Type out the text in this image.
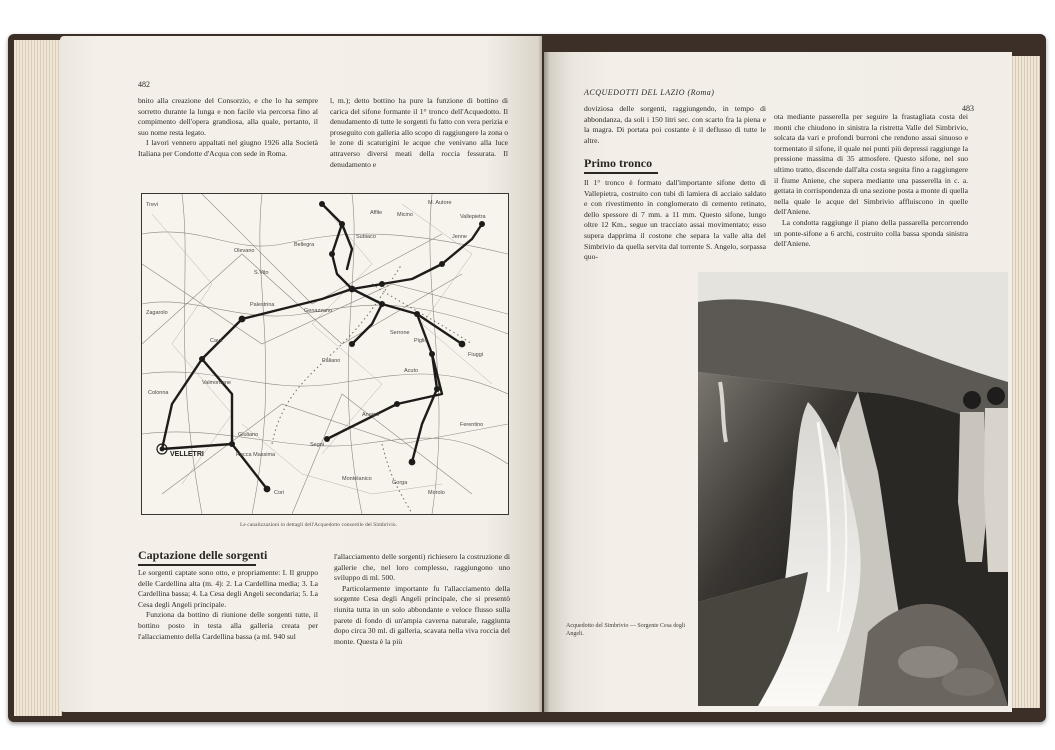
482

bnito alla creazione del Consorzio, e che lo ha sempre sorretto durante la lunga e non facile via percorsa fino al compimento dell'opera grandiosa, alla quale, pertanto, il suo nome resta legato.

I lavori vennero appaltati nel giugno 1926 alla Società Italiana per Condotte d'Acqua con sede in Roma.

l, m.); detto bottino ha pure la funzione di bottino di carica del sifone formante il 1° tronco dell'Acquedotto. Il denudamento di tutte le sorgenti fu fatto con vera perizia e proseguito con galleria allo scopo di raggiungere la zona o le zone di scaturigini le acque che venivano alla luce attraverso diversi meati della roccia fessurata. Il denudamento e

Trevi
Subiaco
Affile	Micino
Jenne
Vallepietra
S.Vito
Olevano
Bellegra
Genazzano
Palestrina
Cave
Valmontone
Anagni
Fiuggi
Paliano
Serrone
Piglio
Acuto
Segni
Ferentino
Rocca Massima
Cori
VELLETRI
Giuliano
Gorga
Montelanico
Morolo
Zagarolo
Colonna
M. Autore
Le canalizzazioni in dettagli dell'Acquedotto consortile del Simbrivio.
Captazione delle sorgenti

Le sorgenti captate sono otto, e propriamente: I. Il gruppo delle Cardellina alta (m. 4): 2. La Cardellina media; 3. La Cardellina bassa; 4. La Cesa degli Angeli secondaria; 5. La Cesa degli Angeli principale.

Funziona da bottino di riunione delle sorgenti tutte, il bottino posto in testa alla galleria creata per l'allacciamento della Cardellina bassa (a ml. 940 sul

l'allacciamento delle sorgenti) richiesero la costruzione di gallerie che, nel loro complesso, raggiungono uno sviluppo di ml. 500.

Particolarmente importante fu l'allacciamento della sorgente Cesa degli Angeli principale, che si presentò riunita tutta in un solo abbondante e veloce flusso sulla parete di fondo di un'ampia caverna naturale, raggiunta dopo circa 30 ml. di galleria, scavata nella viva roccia del monte. Questa è la più

ACQUEDOTTI DEL LAZIO (Roma)
483

doviziosa delle sorgenti, raggiungendo, in tempo di abbondanza, da soli i 150 litri sec. con scarto fra la piena e la magra. Di portata poi costante è il deflusso di tutte le altre.

Primo tronco

Il 1° tronco è formato dall'importante sifone detto di Vallepietra, costruito con tubi di lamiera di acciaio saldato e con rivestimento in conglomerato di cemento retinato, dello spessore di 7 mm. a 11 mm. Questo sifone, lungo oltre 12 Km., segue un tracciato assai movimentato; esso supera dapprima il costone che separa la valle alta del Simbrivio da quella servita dal torrente S. Angelo, sorpassa quo-

ota mediante passerella per seguire la frastagliata costa dei monti che chiudono in sinistra la ristretta Valle del Simbrivio, solcata da vari e profondi burroni che rendono assai sinuoso e tormentato il sifone, il quale nei punti più depressi raggiunge la pressione massima di 35 atmosfere. Questo sifone, nel suo ultimo tratto, discende dall'alta costa seguita fino a raggiungere il fiume Aniene, che supera mediante una passerella in c. a. gettata in corrispondenza di una sezione posta a monte di quella nella quale le acque del Simbrivio affluiscono in quelle dell'Aniene.

La condotta raggiunge il piano della passarella percorrendo un ponte-sifone a 6 archi, costruito colla bassa sponda sinistra dell'Aniene.

Acquedotto del Simbrivio — Sorgente Cesa degli Angeli.
